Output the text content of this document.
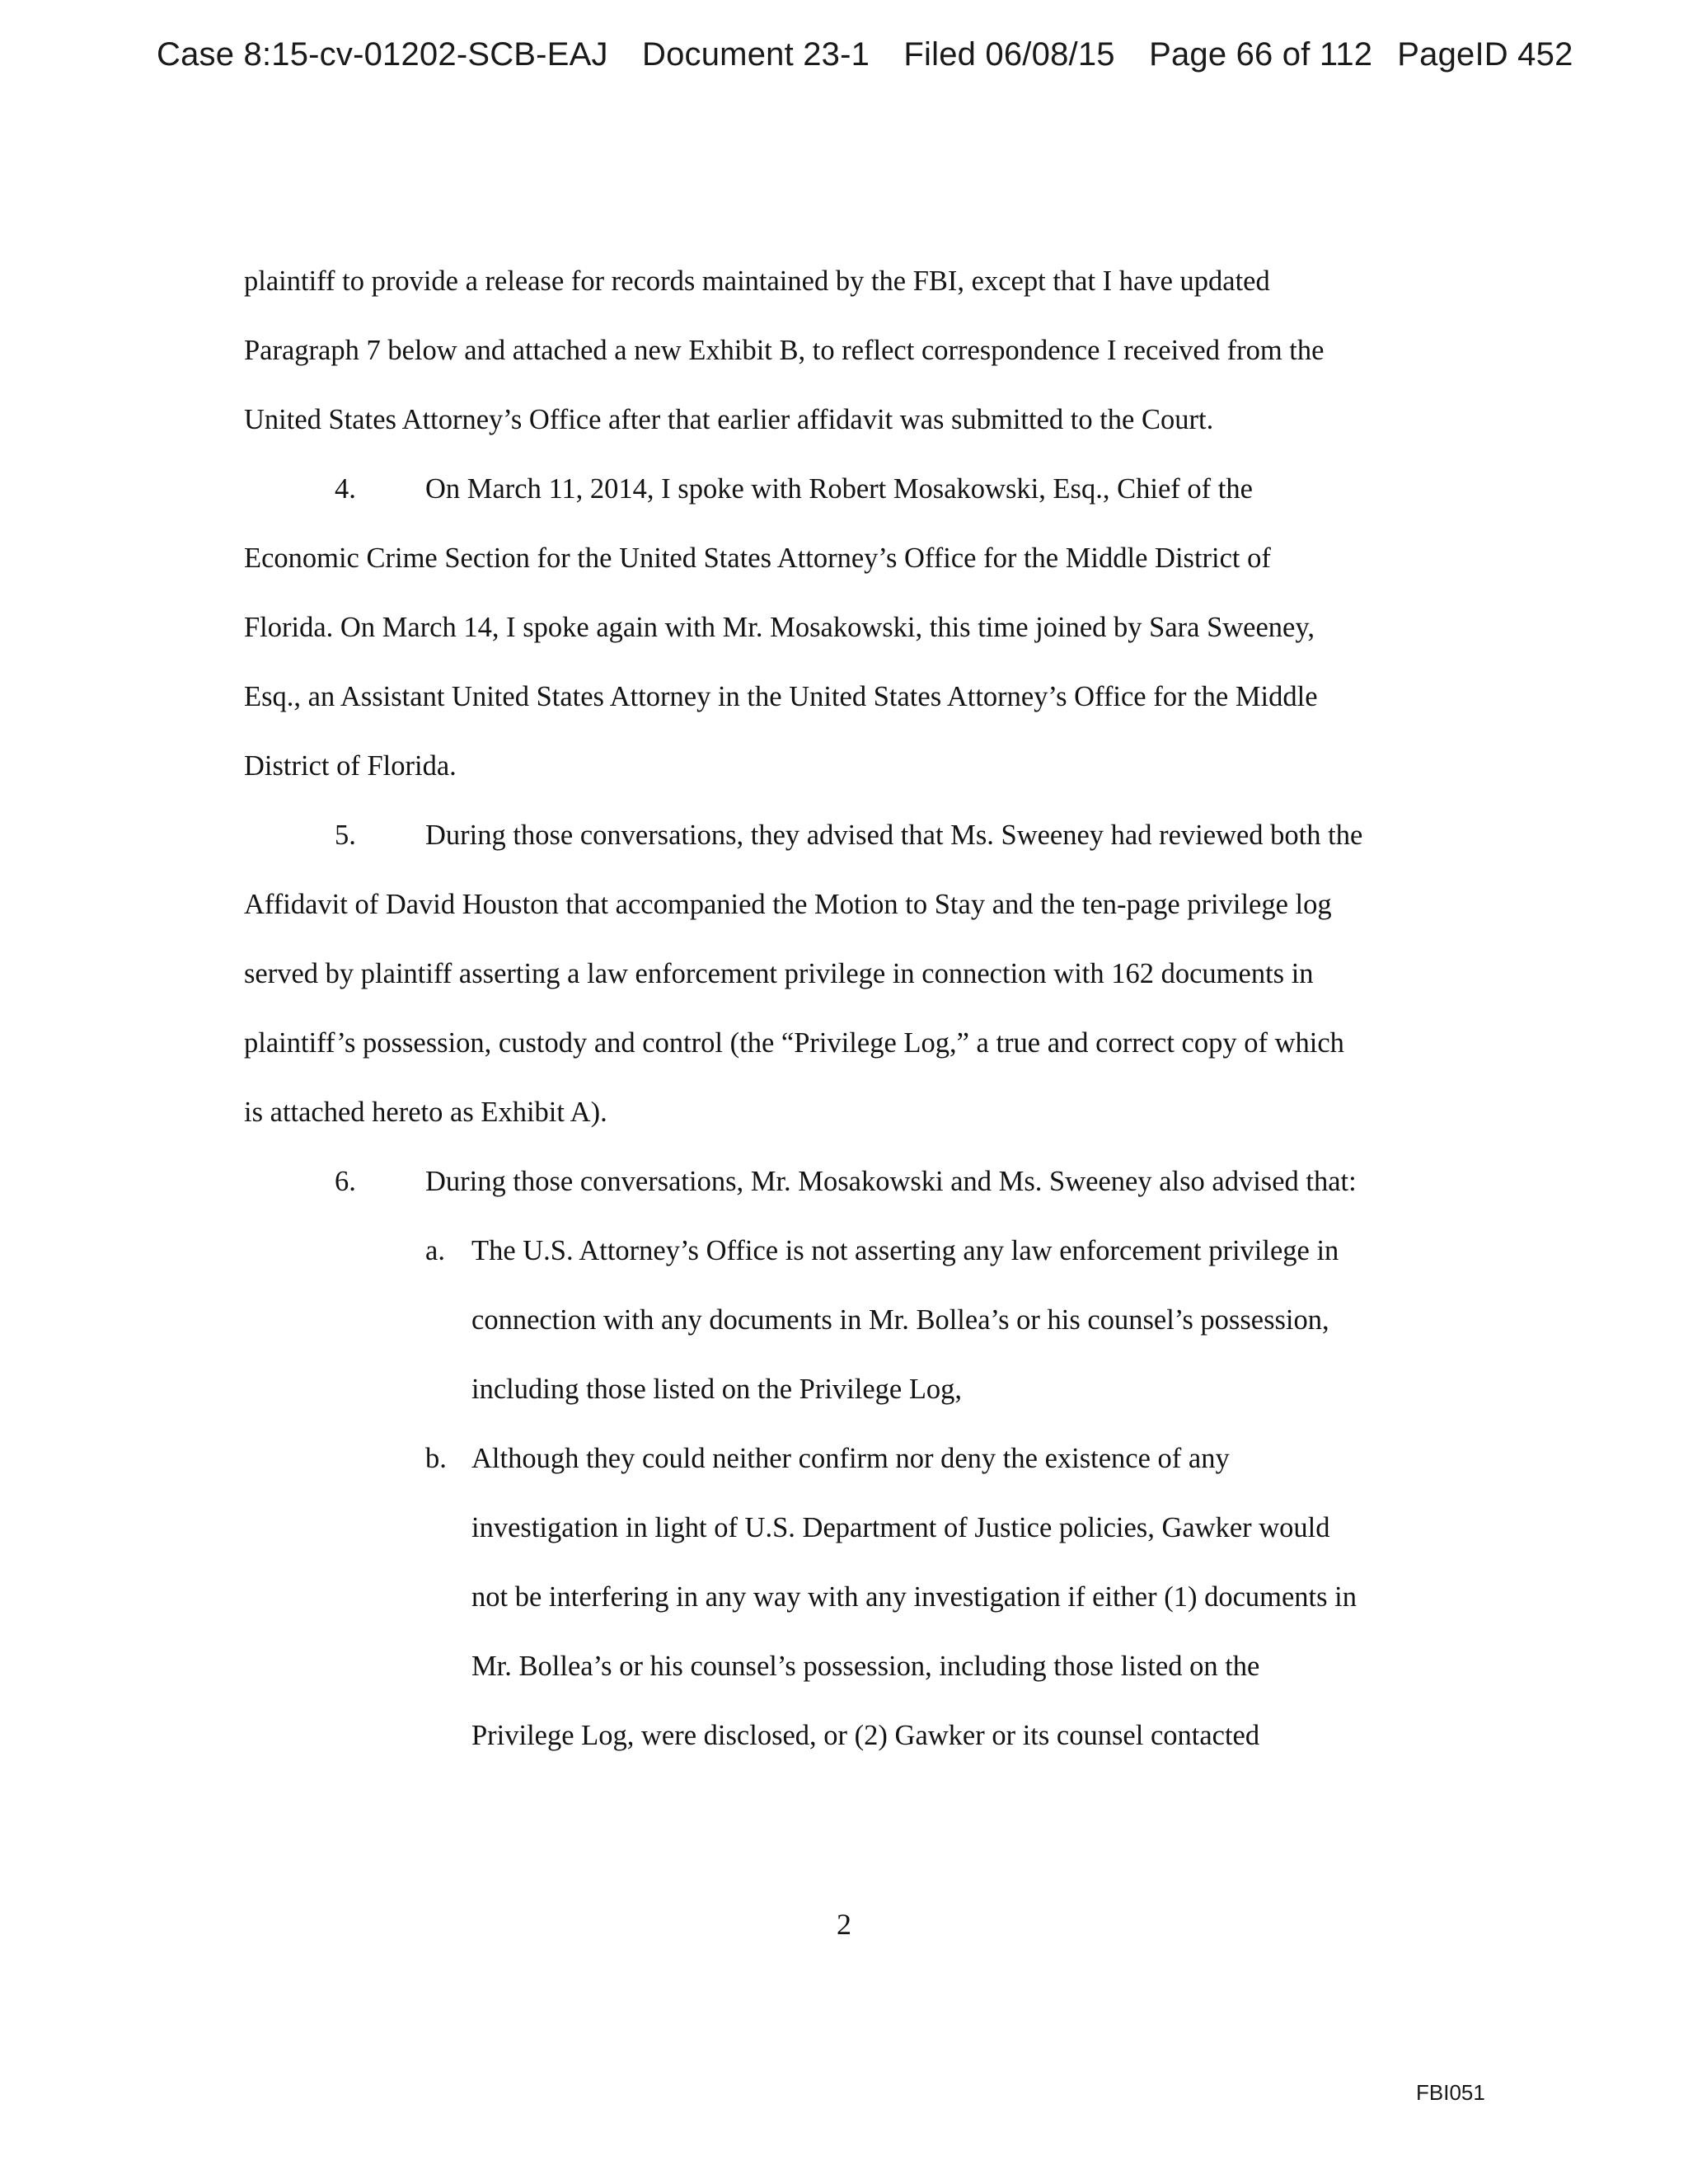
Case 8:15-cv-01202-SCB-EAJ Document 23-1 Filed 06/08/15 Page 66 of 112 PageID 452
plaintiff to provide a release for records maintained by the FBI, except that I have updated
Paragraph 7 below and attached a new Exhibit B, to reflect correspondence I received from the
United States Attorney’s Office after that earlier affidavit was submitted to the Court.
4. On March 11, 2014, I spoke with Robert Mosakowski, Esq., Chief of the
Economic Crime Section for the United States Attorney’s Office for the Middle District of
Florida. On March 14, I spoke again with Mr. Mosakowski, this time joined by Sara Sweeney,
Esq., an Assistant United States Attorney in the United States Attorney’s Office for the Middle
District of Florida.
5. During those conversations, they advised that Ms. Sweeney had reviewed both the
Affidavit of David Houston that accompanied the Motion to Stay and the ten-page privilege log
served by plaintiff asserting a law enforcement privilege in connection with 162 documents in
plaintiff’s possession, custody and control (the “Privilege Log,” a true and correct copy of which
is attached hereto as Exhibit A).
6. During those conversations, Mr. Mosakowski and Ms. Sweeney also advised that:
a. The U.S. Attorney’s Office is not asserting any law enforcement privilege in
connection with any documents in Mr. Bollea’s or his counsel’s possession,
including those listed on the Privilege Log,
b. Although they could neither confirm nor deny the existence of any
investigation in light of U.S. Department of Justice policies, Gawker would
not be interfering in any way with any investigation if either (1) documents in
Mr. Bollea’s or his counsel’s possession, including those listed on the
Privilege Log, were disclosed, or (2) Gawker or its counsel contacted
2
FBI051
